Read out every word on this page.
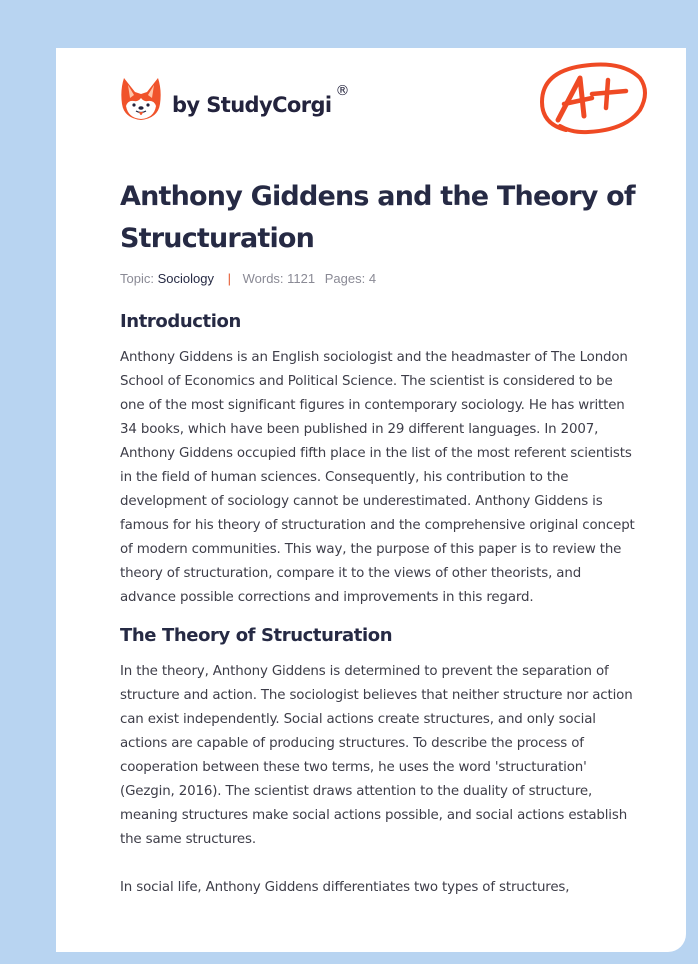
by StudyCorgi
®
Anthony Giddens and the Theory of Structuration
Topic: Sociology | Words: 1121 Pages: 4
Introduction

Anthony Giddens is an English sociologist and the headmaster of The London School of Economics and Political Science. The scientist is considered to be one of the most significant figures in contemporary sociology. He has written 34 books, which have been published in 29 different languages. In 2007, Anthony Giddens occupied fifth place in the list of the most referent scientists in the field of human sciences. Consequently, his contribution to the development of sociology cannot be underestimated. Anthony Giddens is famous for his theory of structuration and the comprehensive original concept of modern communities. This way, the purpose of this paper is to review the theory of structuration, compare it to the views of other theorists, and advance possible corrections and improvements in this regard.

The Theory of Structuration

In the theory, Anthony Giddens is determined to prevent the separation of structure and action. The sociologist believes that neither structure nor action can exist independently. Social actions create structures, and only social actions are capable of producing structures. To describe the process of cooperation between these two terms, he uses the word 'structuration' (Gezgin, 2016). The scientist draws attention to the duality of structure, meaning structures make social actions possible, and social actions establish the same structures.

In social life, Anthony Giddens differentiates two types of structures,
